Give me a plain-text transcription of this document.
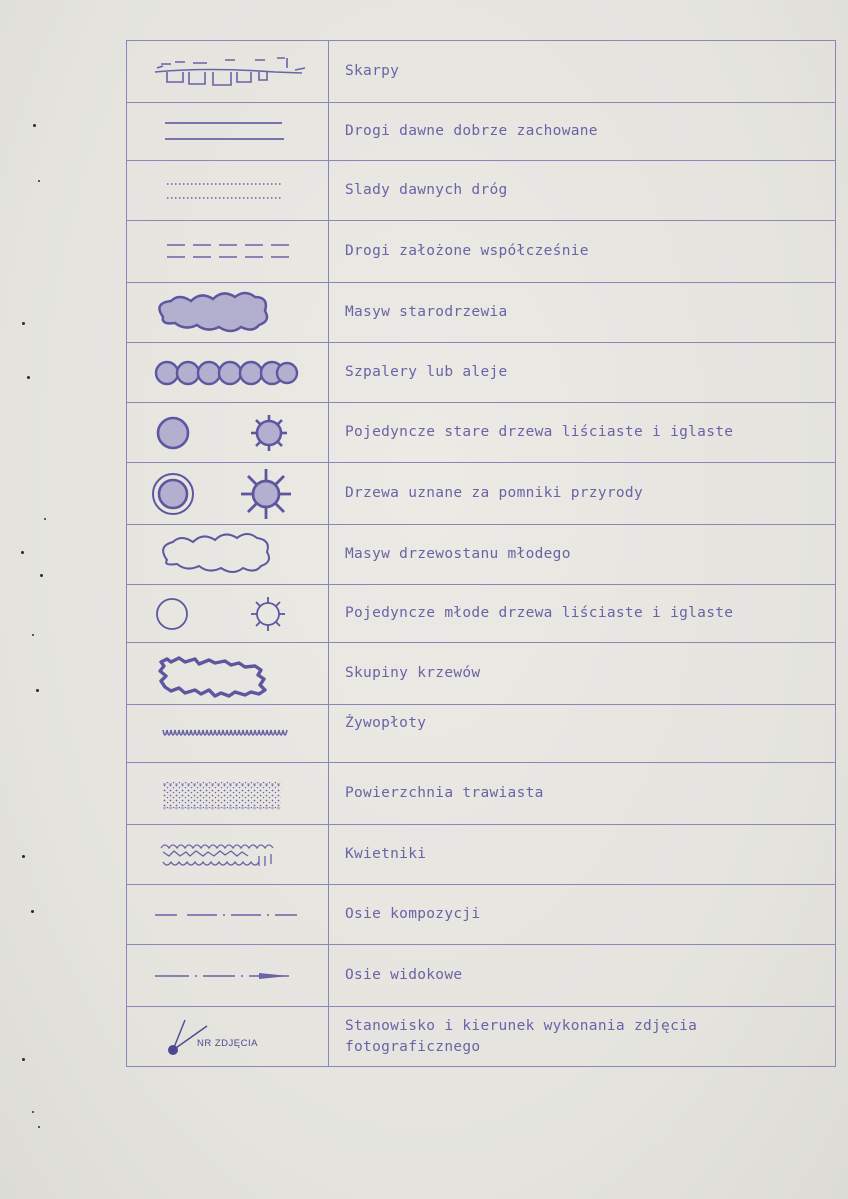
	Skarpy

	Drogi dawne dobrze zachowane

	Slady dawnych dróg

	Drogi założone współcześnie

	Masyw starodrzewia

	Szpalery lub aleje

	Pojedyncze stare drzewa liściaste i iglaste

	Drzewa uznane za pomniki przyrody

	Masyw drzewostanu młodego

	Pojedyncze młode drzewa liściaste i iglaste

	Skupiny krzewów

	Żywopłoty

	Powierzchnia trawiasta

	Kwietniki

	Osie kompozycji

	Osie widokowe

NR ZDJĘCIA	Stanowisko i kierunek wykonania zdjęcia
fotograficznego
